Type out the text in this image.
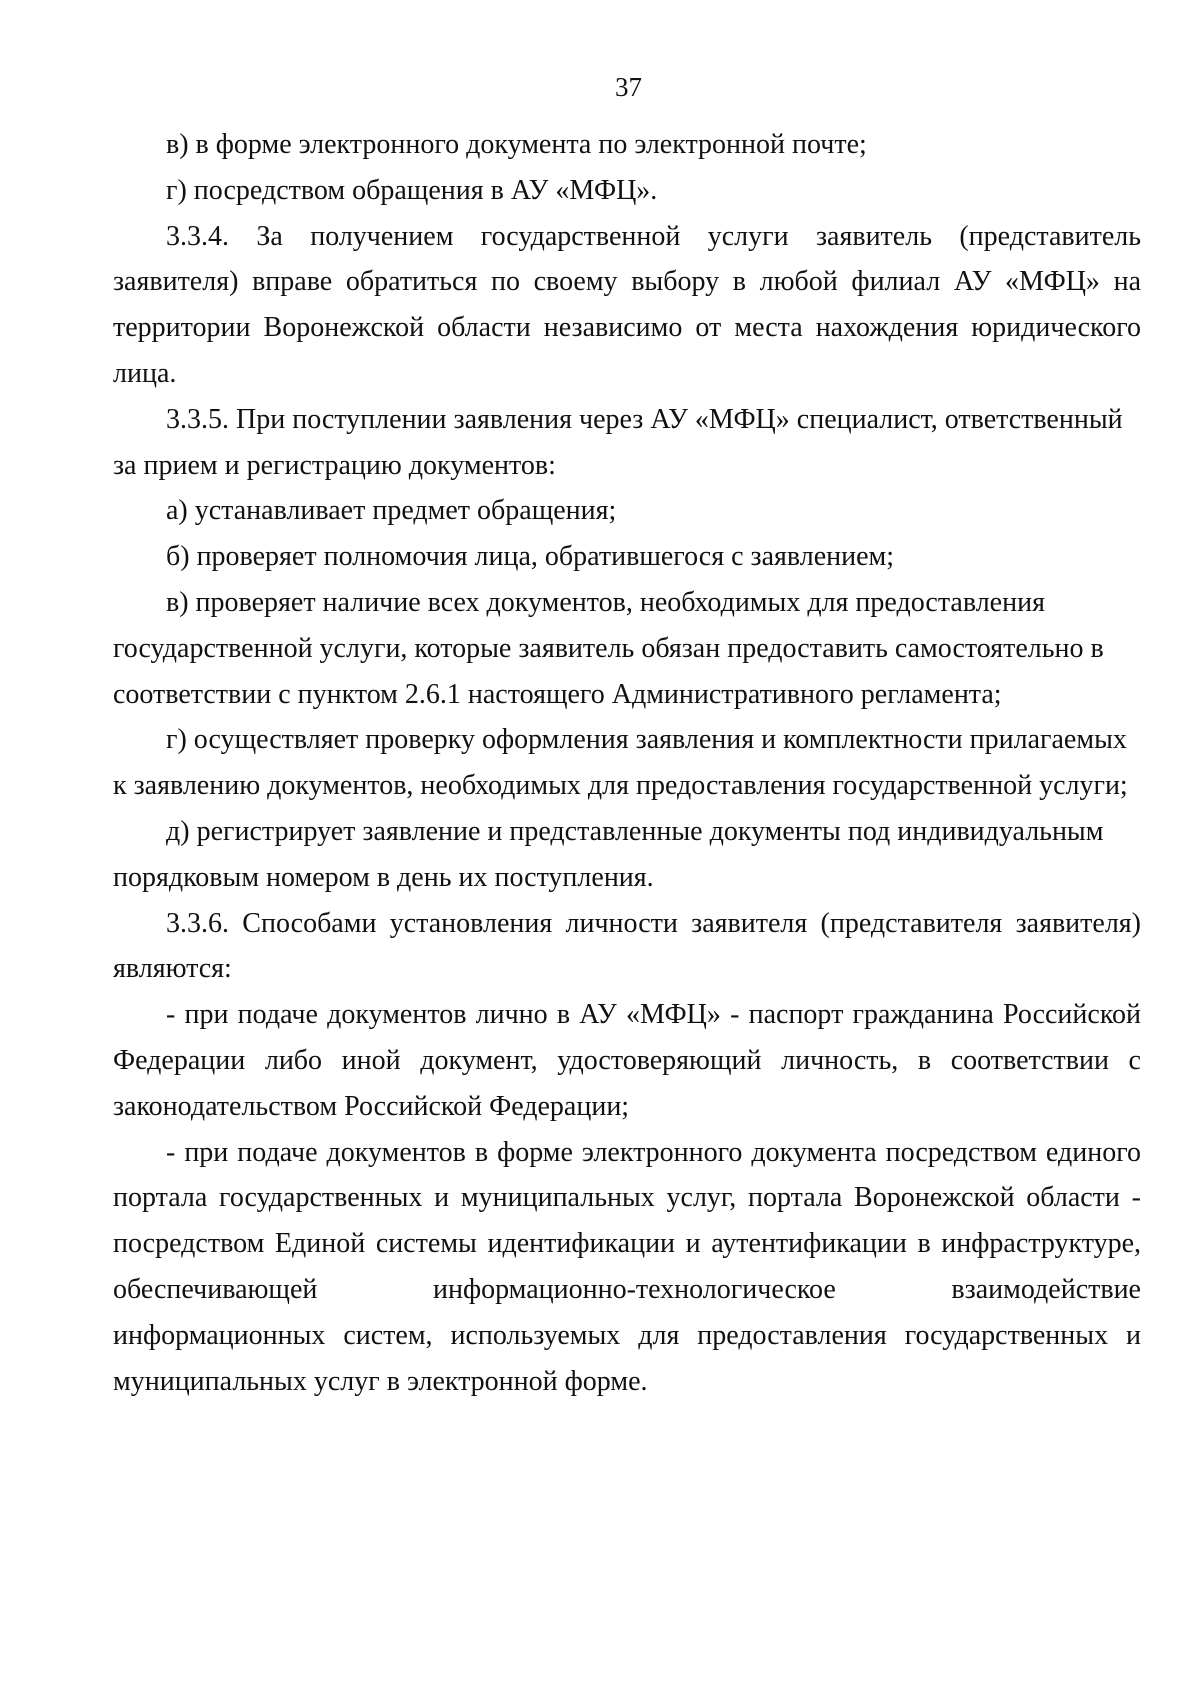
37

в) в форме электронного документа по электронной почте;

г) посредством обращения в АУ «МФЦ».

3.3.4. За получением государственной услуги заявитель (представитель заявителя) вправе обратиться по своему выбору в любой филиал АУ «МФЦ» на территории Воронежской области независимо от места нахождения юридического лица.

3.3.5. При поступлении заявления через АУ «МФЦ» специалист, ответственный за прием и регистрацию документов:

а) устанавливает предмет обращения;

б) проверяет полномочия лица, обратившегося с заявлением;

в) проверяет наличие всех документов, необходимых для предоставления государственной услуги, которые заявитель обязан предоставить самостоятельно в соответствии с пунктом 2.6.1 настоящего Административного регламента;

г) осуществляет проверку оформления заявления и комплектности прилагаемых к заявлению документов, необходимых для предоставления государственной услуги;

д) регистрирует заявление и представленные документы под индивидуальным порядковым номером в день их поступления.

3.3.6. Способами установления личности заявителя (представителя заявителя) являются:

- при подаче документов лично в АУ «МФЦ» - паспорт гражданина Российской Федерации либо иной документ, удостоверяющий личность, в соответствии с законодательством Российской Федерации;

- при подаче документов в форме электронного документа посредством единого портала государственных и муниципальных услуг, портала Воронежской области - посредством Единой системы идентификации и аутентификации в инфраструктуре, обеспечивающей информационно-технологическое взаимодействие информационных систем, используемых для предоставления государственных и муниципальных услуг в электронной форме.
